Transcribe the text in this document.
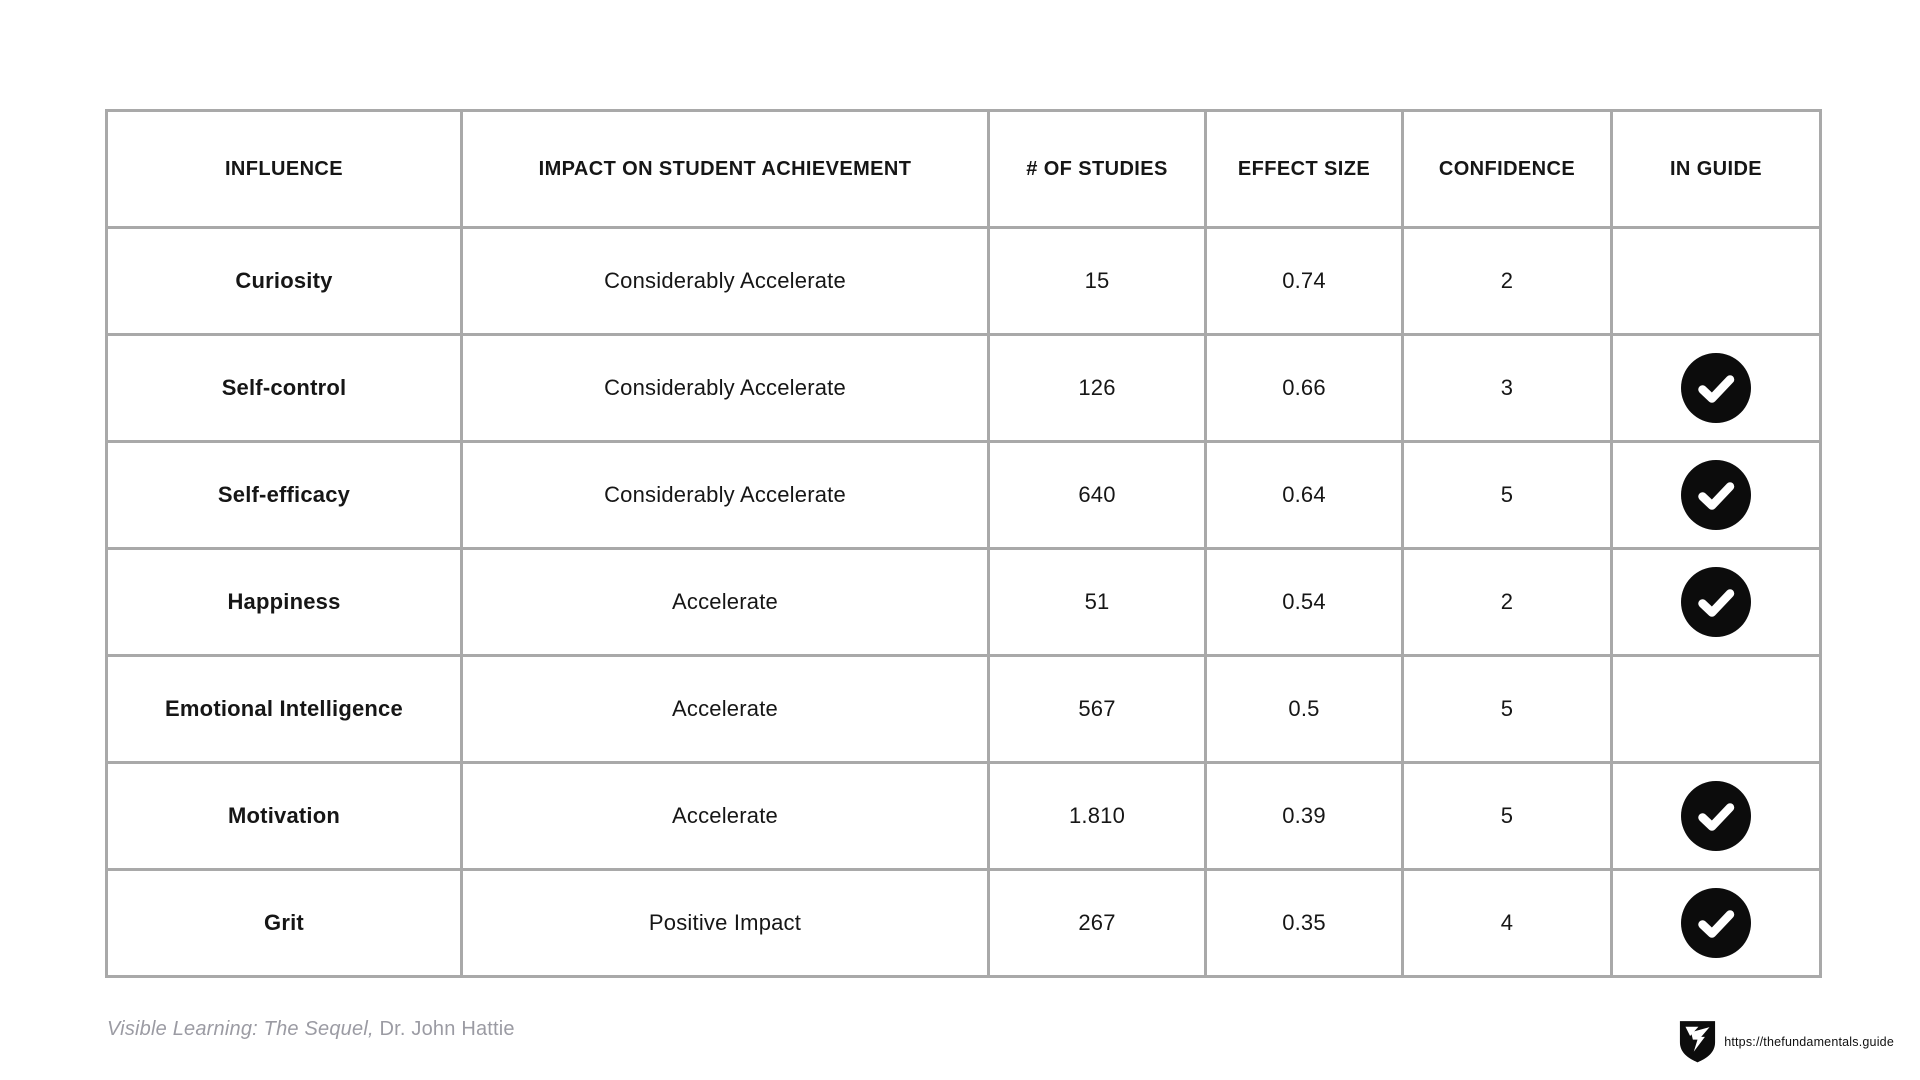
INFLUENCE	IMPACT ON STUDENT ACHIEVEMENT	# OF STUDIES	EFFECT SIZE	CONFIDENCE	IN GUIDE
Curiosity	Considerably Accelerate	15	0.74	2
Self-control	Considerably Accelerate	126	0.66	3
Self-efficacy	Considerably Accelerate	640	0.64	5
Happiness	Accelerate	51	0.54	2
Emotional Intelligence	Accelerate	567	0.5	5
Motivation	Accelerate	1.810	0.39	5
Grit	Positive Impact	267	0.35	4
Visible Learning: The Sequel, Dr. John Hattie
https://thefundamentals.guide
